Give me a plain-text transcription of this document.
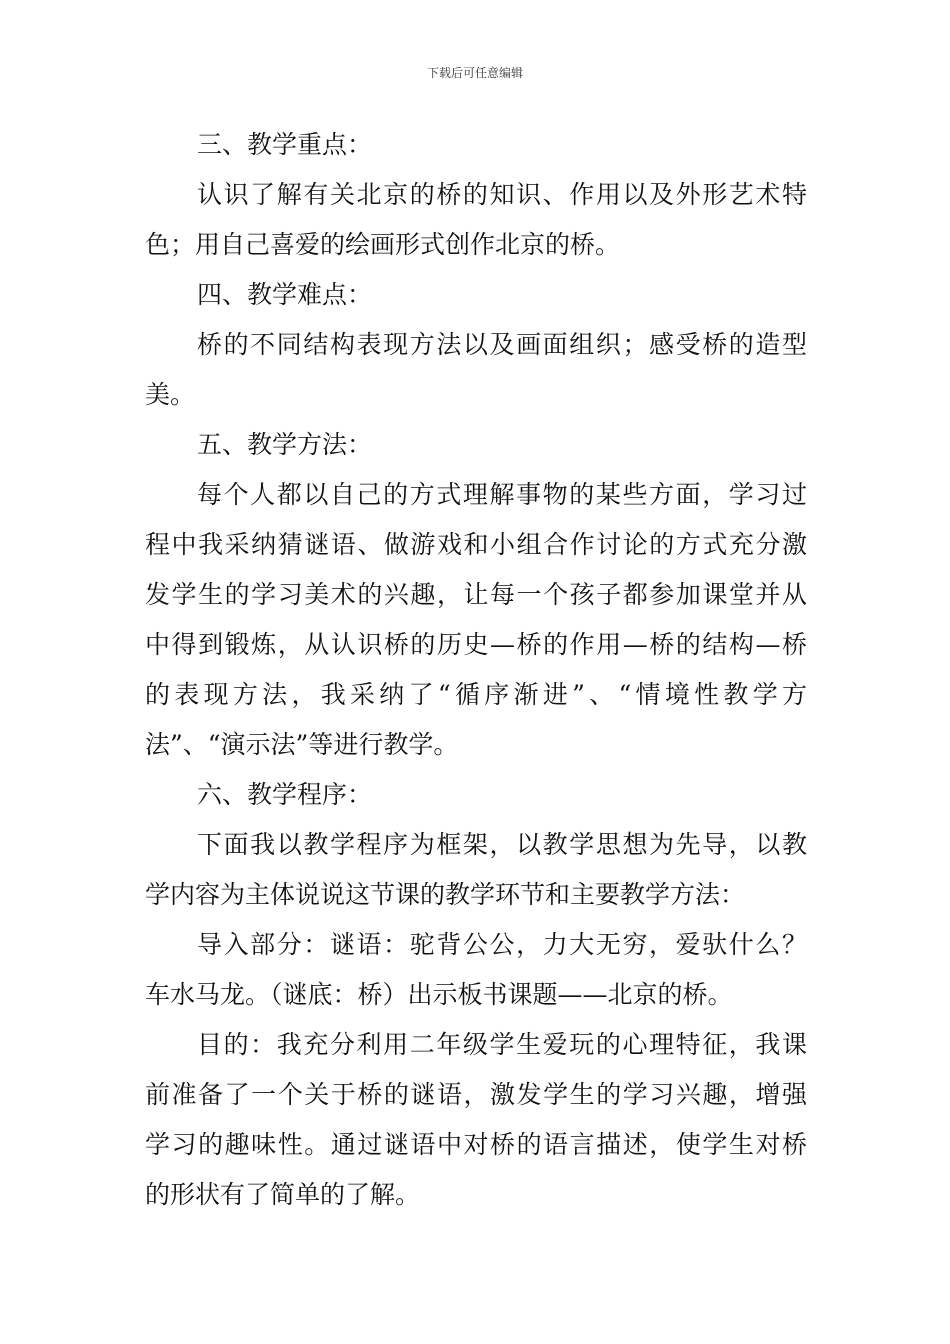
下载后可任意编辑
三、教学重点：
认识了解有关北京的桥的知识、作用以及外形艺术特
色；用自己喜爱的绘画形式创作北京的桥。
四、教学难点：
桥的不同结构表现方法以及画面组织；感受桥的造型
美。
五、教学方法：
每个人都以自己的方式理解事物的某些方面，学习过
程中我采纳猜谜语、做游戏和小组合作讨论的方式充分激
发学生的学习美术的兴趣，让每一个孩子都参加课堂并从
中得到锻炼，从认识桥的历史—桥的作用—桥的结构—桥
的表现方法，我采纳了“循序渐进”、“情境性教学方
法”、“演示法”等进行教学。
六、教学程序：
下面我以教学程序为框架，以教学思想为先导，以教
学内容为主体说说这节课的教学环节和主要教学方法：
导入部分：谜语：驼背公公，力大无穷，爱驮什么？
车水马龙。（谜底：桥）出示板书课题——北京的桥。
目的：我充分利用二年级学生爱玩的心理特征，我课
前准备了一个关于桥的谜语，激发学生的学习兴趣，增强
学习的趣味性。通过谜语中对桥的语言描述，使学生对桥
的形状有了简单的了解。
